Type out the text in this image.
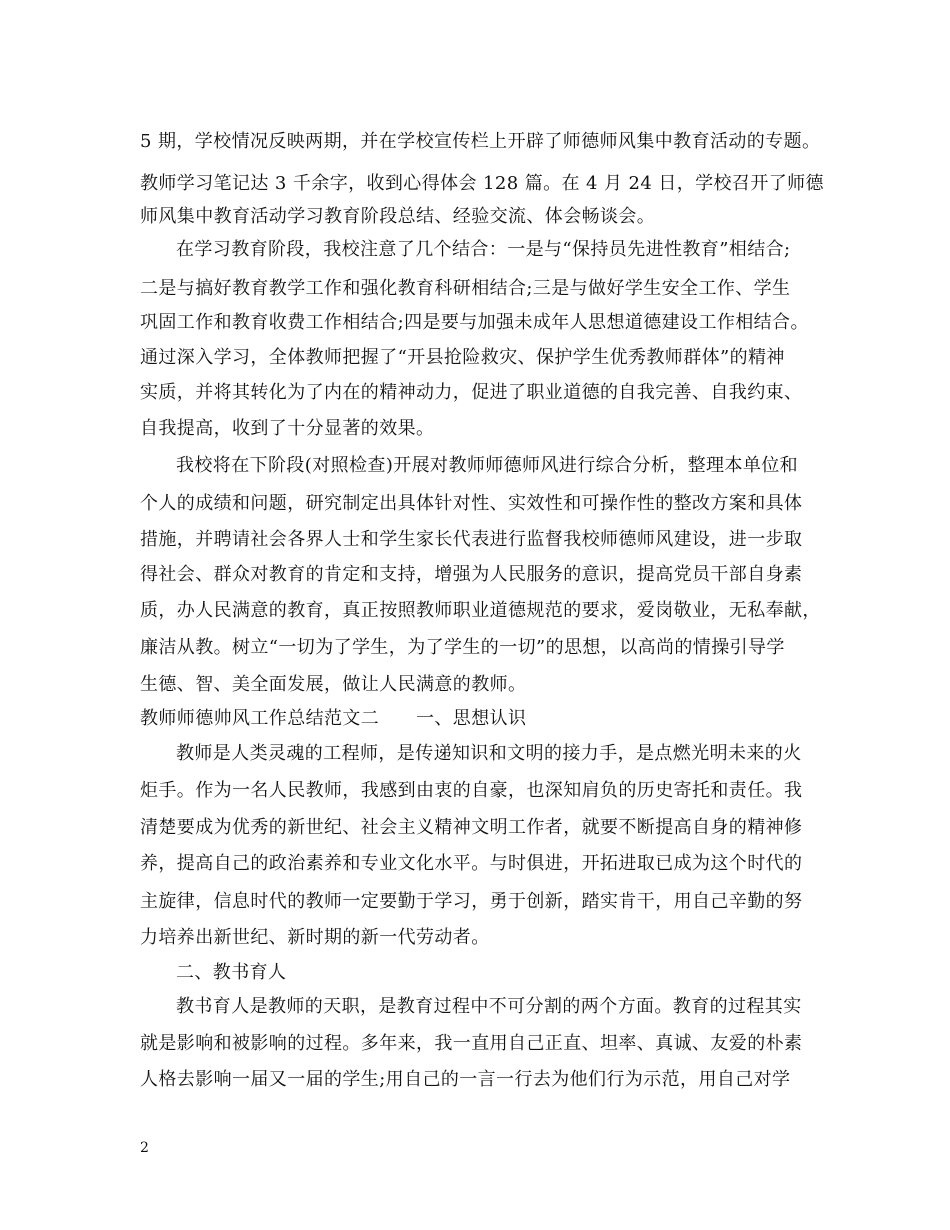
5 期，学校情况反映两期，并在学校宣传栏上开辟了师德师风集中教育活动的专题。
教师学习笔记达 3 千余字，收到心得体会 128 篇。在 4 月 24 日，学校召开了师德
师风集中教育活动学习教育阶段总结、经验交流、体会畅谈会。
在学习教育阶段，我校注意了几个结合：一是与“保持员先进性教育”相结合;
二是与搞好教育教学工作和强化教育科研相结合;三是与做好学生安全工作、学生
巩固工作和教育收费工作相结合;四是要与加强未成年人思想道德建设工作相结合。
通过深入学习，全体教师把握了“开县抢险救灾、保护学生优秀教师群体”的精神
实质，并将其转化为了内在的精神动力，促进了职业道德的自我完善、自我约束、
自我提高，收到了十分显著的效果。
我校将在下阶段(对照检查)开展对教师师德师风进行综合分析，整理本单位和
个人的成绩和问题，研究制定出具体针对性、实效性和可操作性的整改方案和具体
措施，并聘请社会各界人士和学生家长代表进行监督我校师德师风建设，进一步取
得社会、群众对教育的肯定和支持，增强为人民服务的意识，提高党员干部自身素
质，办人民满意的教育，真正按照教师职业道德规范的要求，爱岗敬业，无私奉献，
廉洁从教。树立“一切为了学生，为了学生的一切”的思想，以高尚的情操引导学
生德、智、美全面发展，做让人民满意的教师。
教师师德帅风工作总结范文二　　一、思想认识
教师是人类灵魂的工程师，是传递知识和文明的接力手，是点燃光明未来的火
炬手。作为一名人民教师，我感到由衷的自豪，也深知肩负的历史寄托和责任。我
清楚要成为优秀的新世纪、社会主义精神文明工作者，就要不断提高自身的精神修
养，提高自己的政治素养和专业文化水平。与时俱进，开拓进取已成为这个时代的
主旋律，信息时代的教师一定要勤于学习，勇于创新，踏实肯干，用自己辛勤的努
力培养出新世纪、新时期的新一代劳动者。
二、教书育人
教书育人是教师的天职，是教育过程中不可分割的两个方面。教育的过程其实
就是影响和被影响的过程。多年来，我一直用自己正直、坦率、真诚、友爱的朴素
人格去影响一届又一届的学生;用自己的一言一行去为他们行为示范，用自己对学
2
